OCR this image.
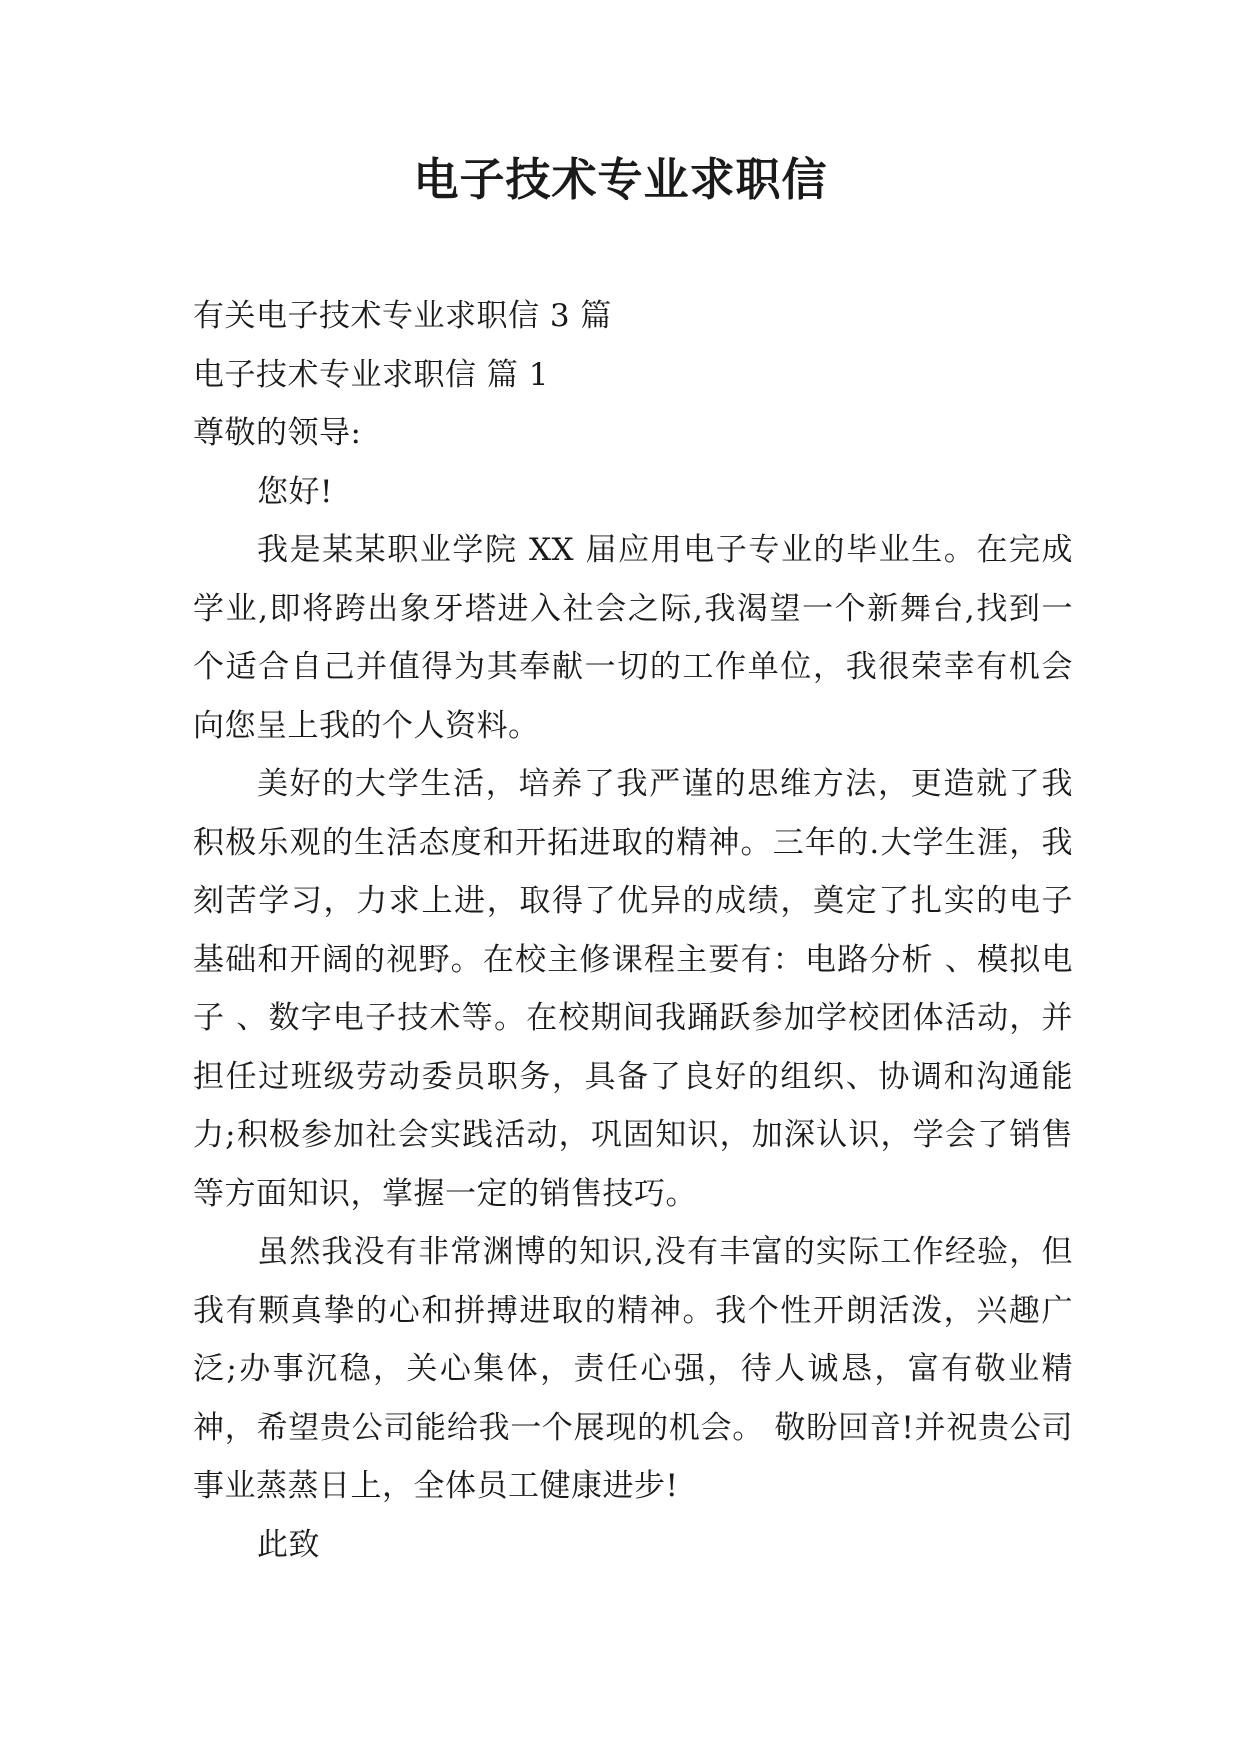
电子技术专业求职信

有关电子技术专业求职信 3 篇

电子技术专业求职信 篇 1

尊敬的领导:

您好!

我是某某职业学院 XX 届应用电子专业的毕业生。在完成学业,即将跨出象牙塔进入社会之际,我渴望一个新舞台,找到一个适合自己并值得为其奉献一切的工作单位，我很荣幸有机会向您呈上我的个人资料。

美好的大学生活，培养了我严谨的思维方法，更造就了我积极乐观的生活态度和开拓进取的精神。三年的.大学生涯，我刻苦学习，力求上进，取得了优异的成绩，奠定了扎实的电子基础和开阔的视野。在校主修课程主要有：电路分析 、模拟电子 、数字电子技术等。在校期间我踊跃参加学校团体活动，并担任过班级劳动委员职务，具备了良好的组织、协调和沟通能力;积极参加社会实践活动，巩固知识，加深认识，学会了销售等方面知识，掌握一定的销售技巧。

虽然我没有非常渊博的知识,没有丰富的实际工作经验，但我有颗真挚的心和拼搏进取的精神。我个性开朗活泼，兴趣广泛;办事沉稳，关心集体，责任心强，待人诚恳，富有敬业精神，希望贵公司能给我一个展现的机会。 敬盼回音!并祝贵公司事业蒸蒸日上，全体员工健康进步!

此致
